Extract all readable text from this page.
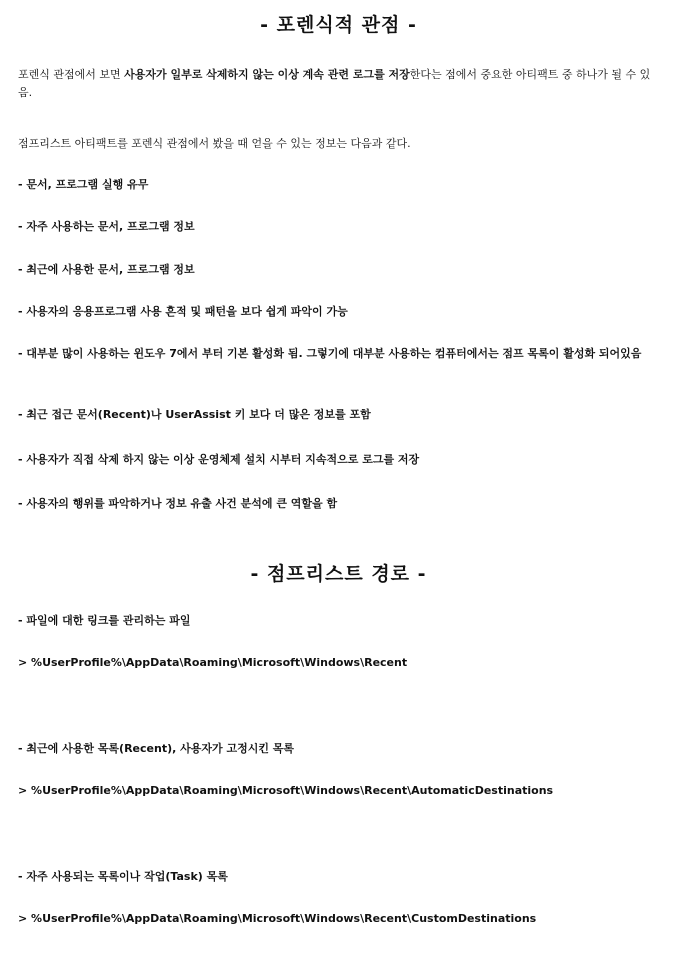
- 포렌식적 관점 -

포렌식 관점에서 보면 사용자가 일부로 삭제하지 않는 이상 계속 관련 로그를 저장한다는 점에서 중요한 아티팩트 중 하나가 될 수 있음.

점프리스트 아티팩트를 포렌식 관점에서 봤을 때 얻을 수 있는 정보는 다음과 같다.

- 문서, 프로그램 실행 유무

- 자주 사용하는 문서, 프로그램 정보

- 최근에 사용한 문서, 프로그램 정보

- 사용자의 응용프로그램 사용 흔적 및 패턴을 보다 쉽게 파악이 가능

- 대부분 많이 사용하는 윈도우 7에서 부터 기본 활성화 됨. 그렇기에 대부분 사용하는 컴퓨터에서는 점프 목록이 활성화 되어있음

- 최근 접근 문서(Recent)나 UserAssist 키 보다 더 많은 정보를 포함

- 사용자가 직접 삭제 하지 않는 이상 운영체제 설치 시부터 지속적으로 로그를 저장

- 사용자의 행위를 파악하거나 정보 유출 사건 분석에 큰 역할을 함

- 점프리스트 경로 -

- 파일에 대한 링크를 관리하는 파일

> %UserProfile%\AppData\Roaming\Microsoft\Windows\Recent

- 최근에 사용한 목록(Recent), 사용자가 고정시킨 목록

> %UserProfile%\AppData\Roaming\Microsoft\Windows\Recent\AutomaticDestinations

- 자주 사용되는 목록이나 작업(Task) 목록

> %UserProfile%\AppData\Roaming\Microsoft\Windows\Recent\CustomDestinations
